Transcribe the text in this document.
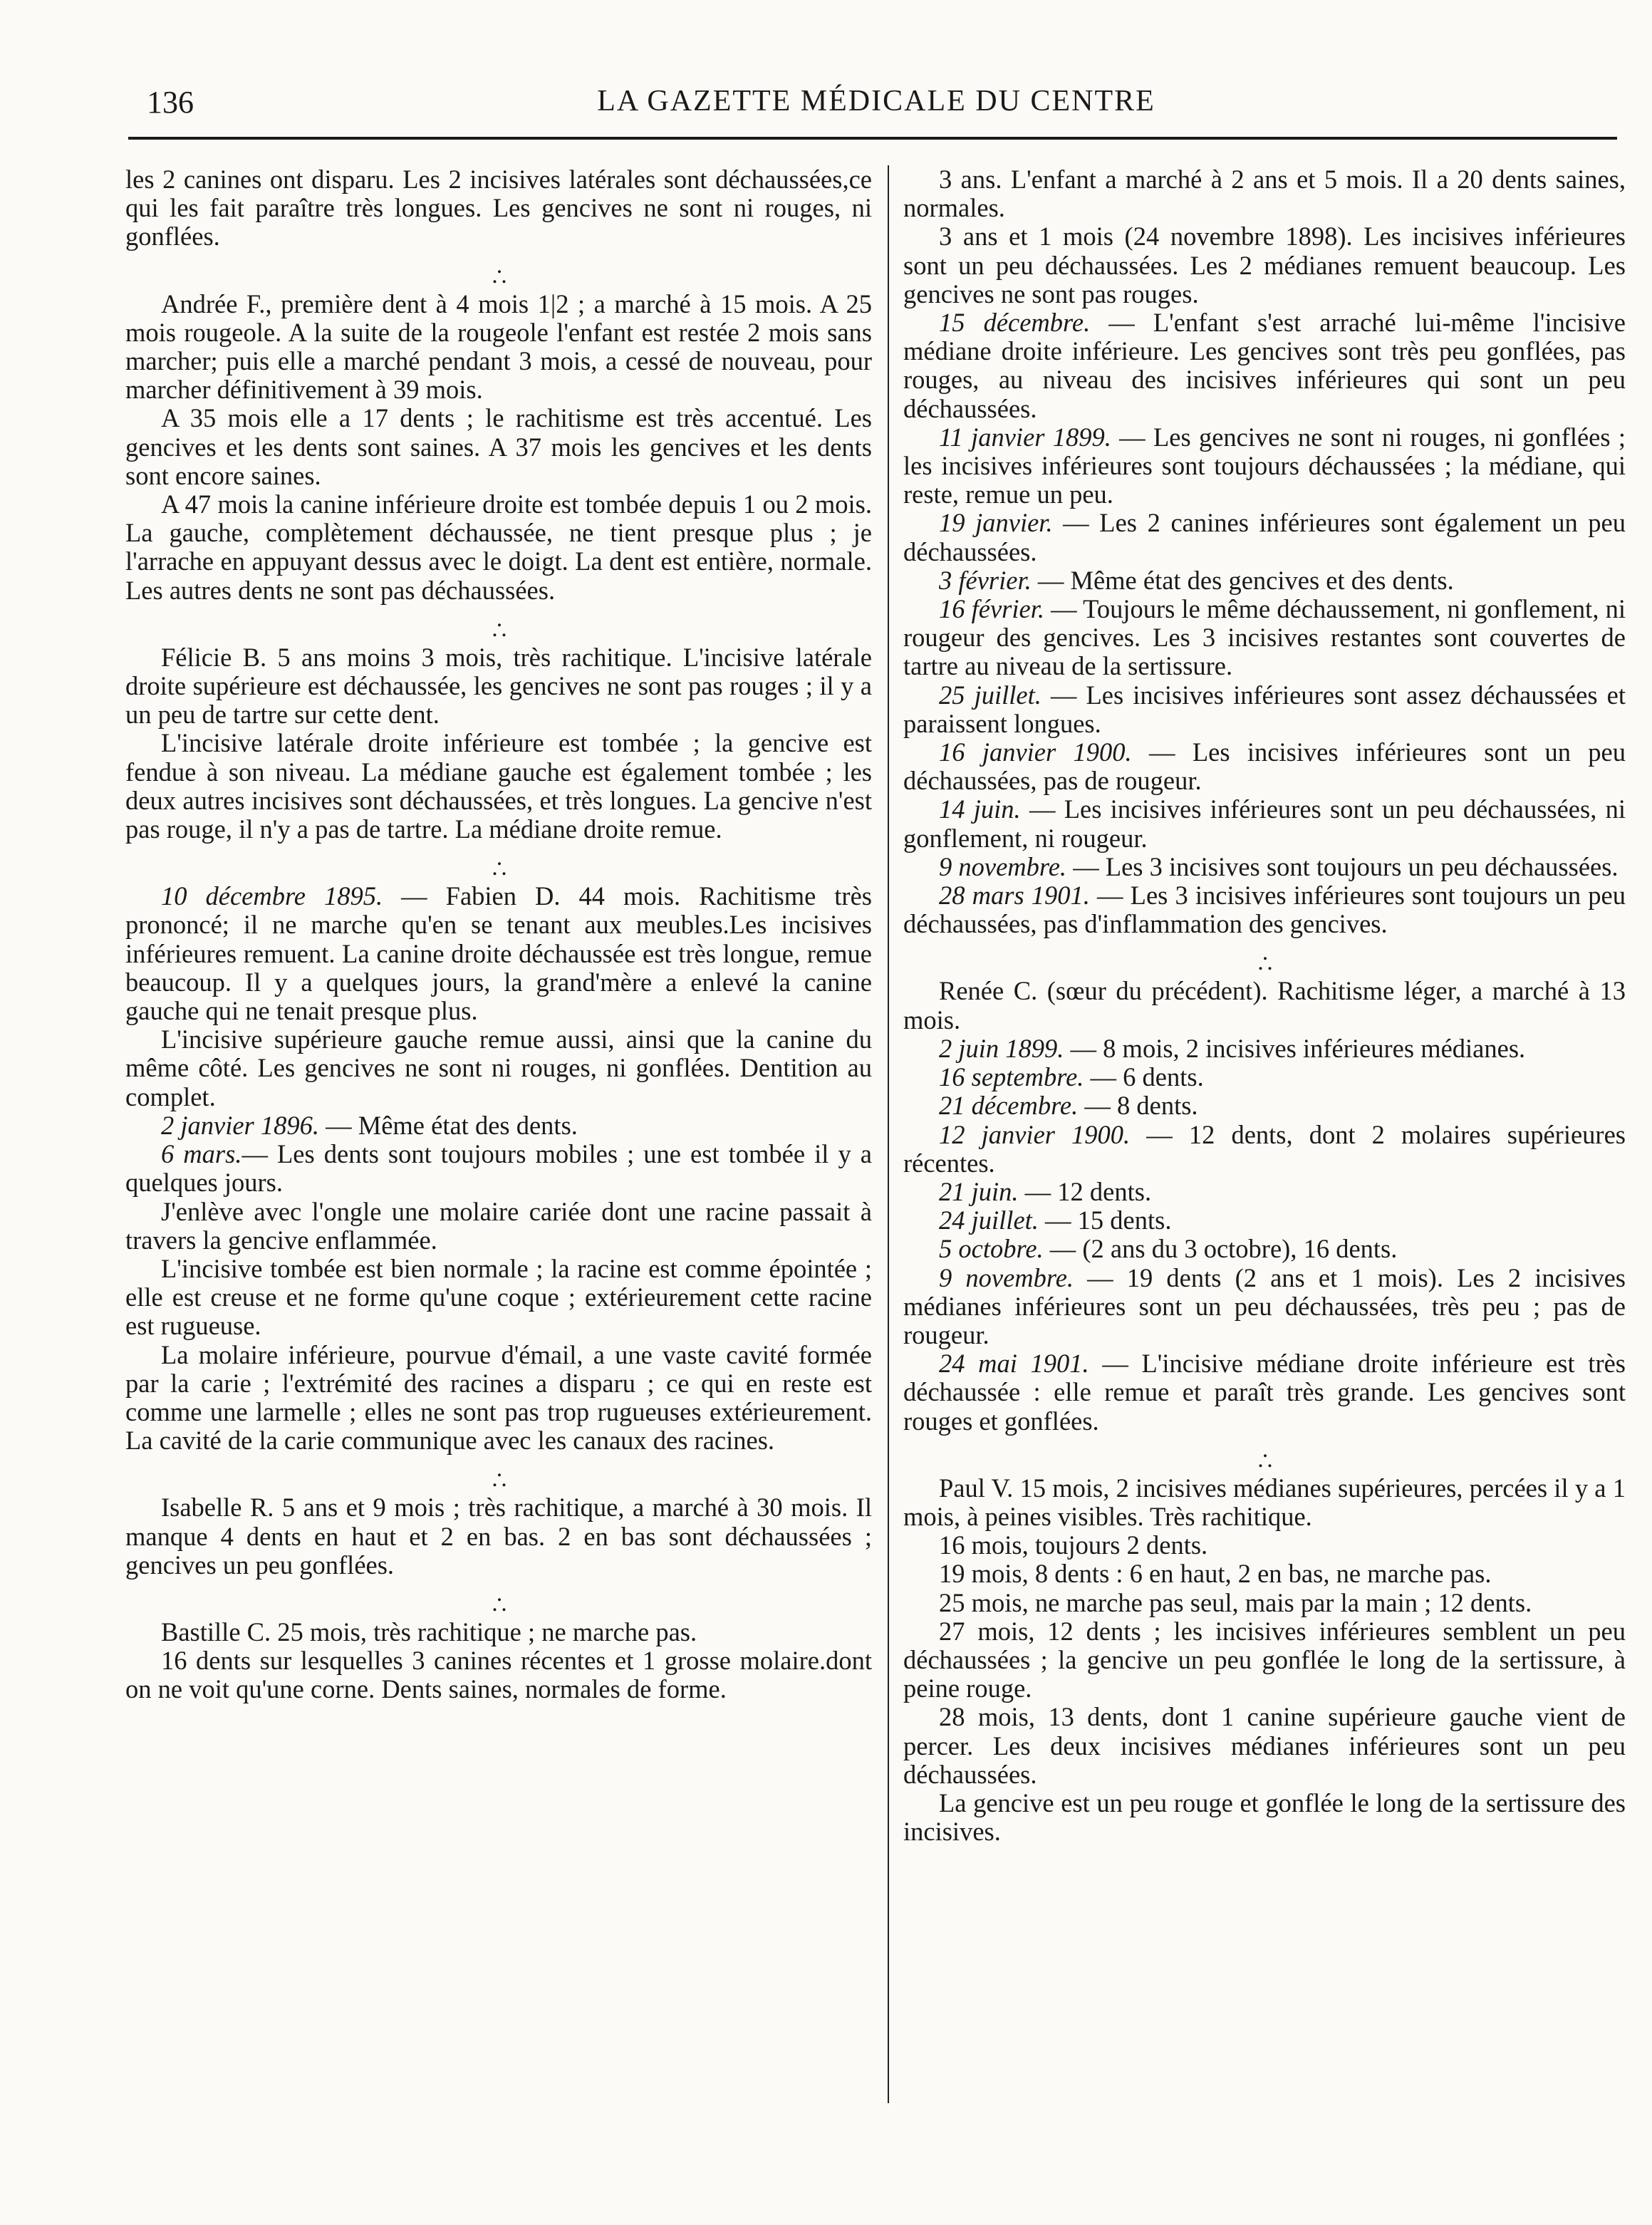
136	LA GAZETTE MÉDICALE DU CENTRE

les 2 canines ont disparu. Les 2 incisives latérales sont déchaussées,ce qui les fait paraître très longues. Les gencives ne sont ni rouges, ni gonflées.

. . .

Andrée F., première dent à 4 mois 1|2 ; a marché à 15 mois. A 25 mois rougeole. A la suite de la rougeole l'enfant est restée 2 mois sans marcher; puis elle a marché pendant 3 mois, a cessé de nouveau, pour marcher définitivement à 39 mois.

A 35 mois elle a 17 dents ; le rachitisme est très accentué. Les gencives et les dents sont saines. A 37 mois les gencives et les dents sont encore saines.

A 47 mois la canine inférieure droite est tombée depuis 1 ou 2 mois. La gauche, complètement déchaussée, ne tient presque plus ; je l'arrache en appuyant dessus avec le doigt. La dent est entière, normale. Les autres dents ne sont pas déchaussées.

. . .

Félicie B. 5 ans moins 3 mois, très rachitique. L'incisive latérale droite supérieure est déchaussée, les gencives ne sont pas rouges ; il y a un peu de tartre sur cette dent.

L'incisive latérale droite inférieure est tombée ; la gencive est fendue à son niveau. La médiane gauche est également tombée ; les deux autres incisives sont déchaussées, et très longues. La gencive n'est pas rouge, il n'y a pas de tartre. La médiane droite remue.

. . .

10 décembre 1895. — Fabien D. 44 mois. Rachitisme très prononcé; il ne marche qu'en se tenant aux meubles.Les incisives inférieures remuent. La canine droite déchaussée est très longue, remue beaucoup. Il y a quelques jours, la grand'mère a enlevé la canine gauche qui ne tenait presque plus.

L'incisive supérieure gauche remue aussi, ainsi que la canine du même côté. Les gencives ne sont ni rouges, ni gonflées. Dentition au complet.

2 janvier 1896. — Même état des dents.

6 mars.— Les dents sont toujours mobiles ; une est tombée il y a quelques jours.

J'enlève avec l'ongle une molaire cariée dont une racine passait à travers la gencive enflammée.

L'incisive tombée est bien normale ; la racine est comme épointée ; elle est creuse et ne forme qu'une coque ; extérieurement cette racine est rugueuse.

La molaire inférieure, pourvue d'émail, a une vaste cavité formée par la carie ; l'extrémité des racines a disparu ; ce qui en reste est comme une larmelle ; elles ne sont pas trop rugueuses extérieurement. La cavité de la carie communique avec les canaux des racines.

. . .

Isabelle R. 5 ans et 9 mois ; très rachitique, a marché à 30 mois. Il manque 4 dents en haut et 2 en bas. 2 en bas sont déchaussées ; gencives un peu gonflées.

. . .

Bastille C. 25 mois, très rachitique ; ne marche pas.

16 dents sur lesquelles 3 canines récentes et 1 grosse molaire.dont on ne voit qu'une corne. Dents saines, normales de forme.

3 ans. L'enfant a marché à 2 ans et 5 mois. Il a 20 dents saines, normales.

3 ans et 1 mois (24 novembre 1898). Les incisives inférieures sont un peu déchaussées. Les 2 médianes remuent beaucoup. Les gencives ne sont pas rouges.

15 décembre. — L'enfant s'est arraché lui-même l'incisive médiane droite inférieure. Les gencives sont très peu gonflées, pas rouges, au niveau des incisives inférieures qui sont un peu déchaussées.

11 janvier 1899. — Les gencives ne sont ni rouges, ni gonflées ; les incisives inférieures sont toujours déchaussées ; la médiane, qui reste, remue un peu.

19 janvier. — Les 2 canines inférieures sont également un peu déchaussées.

3 février. — Même état des gencives et des dents.

16 février. — Toujours le même déchaussement, ni gonflement, ni rougeur des gencives. Les 3 incisives restantes sont couvertes de tartre au niveau de la sertissure.

25 juillet. — Les incisives inférieures sont assez déchaussées et paraissent longues.

16 janvier 1900. — Les incisives inférieures sont un peu déchaussées, pas de rougeur.

14 juin. — Les incisives inférieures sont un peu déchaussées, ni gonflement, ni rougeur.

9 novembre. — Les 3 incisives sont toujours un peu déchaussées.

28 mars 1901. — Les 3 incisives inférieures sont toujours un peu déchaussées, pas d'inflammation des gencives.

. . .

Renée C. (sœur du précédent). Rachitisme léger, a marché à 13 mois.

2 juin 1899. — 8 mois, 2 incisives inférieures médianes.

16 septembre. — 6 dents.

21 décembre. — 8 dents.

12 janvier 1900. — 12 dents, dont 2 molaires supérieures récentes.

21 juin. — 12 dents.

24 juillet. — 15 dents.

5 octobre. — (2 ans du 3 octobre), 16 dents.

9 novembre. — 19 dents (2 ans et 1 mois). Les 2 incisives médianes inférieures sont un peu déchaussées, très peu ; pas de rougeur.

24 mai 1901. — L'incisive médiane droite inférieure est très déchaussée : elle remue et paraît très grande. Les gencives sont rouges et gonflées.

. . .

Paul V. 15 mois, 2 incisives médianes supérieures, percées il y a 1 mois, à peines visibles. Très rachitique.

16 mois, toujours 2 dents.

19 mois, 8 dents : 6 en haut, 2 en bas, ne marche pas.

25 mois, ne marche pas seul, mais par la main ; 12 dents.

27 mois, 12 dents ; les incisives inférieures semblent un peu déchaussées ; la gencive un peu gonflée le long de la sertissure, à peine rouge.

28 mois, 13 dents, dont 1 canine supérieure gauche vient de percer. Les deux incisives médianes inférieures sont un peu déchaussées.

La gencive est un peu rouge et gonflée le long de la sertissure des incisives.
